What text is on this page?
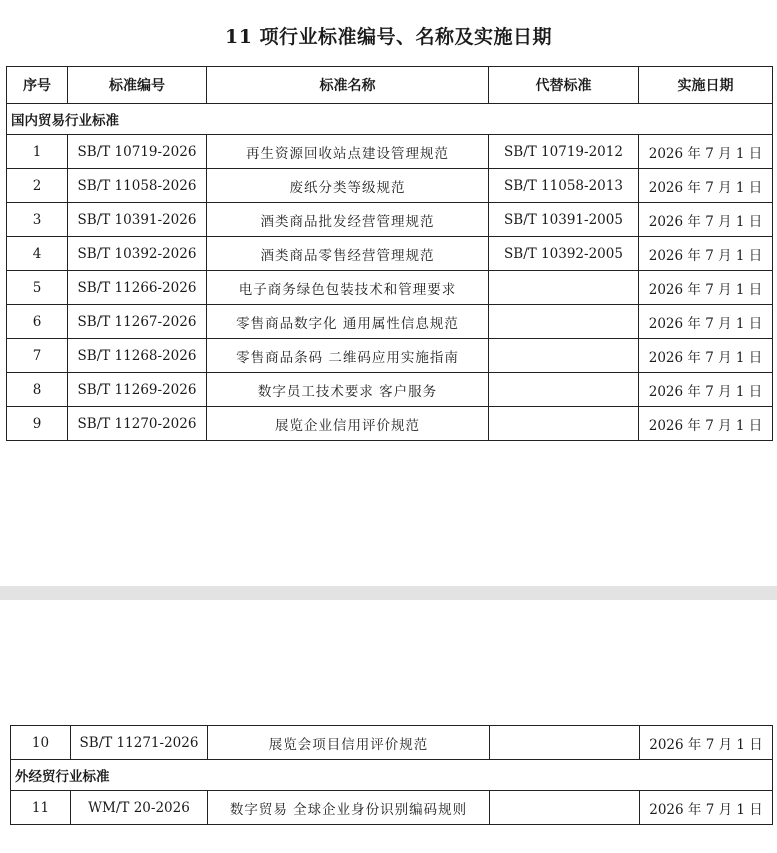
11 项行业标准编号、名称及实施日期
序号	标准编号	标准名称	代替标准	实施日期
国内贸易行业标准				
1	SB/T 10719-2026	再生资源回收站点建设管理规范	SB/T 10719-2012	2026 年 7 月 1 日
2	SB/T 11058-2026	废纸分类等级规范	SB/T 11058-2013	2026 年 7 月 1 日
3	SB/T 10391-2026	酒类商品批发经营管理规范	SB/T 10391-2005	2026 年 7 月 1 日
4	SB/T 10392-2026	酒类商品零售经营管理规范	SB/T 10392-2005	2026 年 7 月 1 日
5	SB/T 11266-2026	电子商务绿色包装技术和管理要求		2026 年 7 月 1 日
6	SB/T 11267-2026	零售商品数字化 通用属性信息规范		2026 年 7 月 1 日
7	SB/T 11268-2026	零售商品条码 二维码应用实施指南		2026 年 7 月 1 日
8	SB/T 11269-2026	数字员工技术要求 客户服务		2026 年 7 月 1 日
9	SB/T 11270-2026	展览企业信用评价规范		2026 年 7 月 1 日
10	SB/T 11271-2026	展览会项目信用评价规范		2026 年 7 月 1 日
外经贸行业标准				
11	WM/T 20-2026	数字贸易 全球企业身份识别编码规则		2026 年 7 月 1 日
